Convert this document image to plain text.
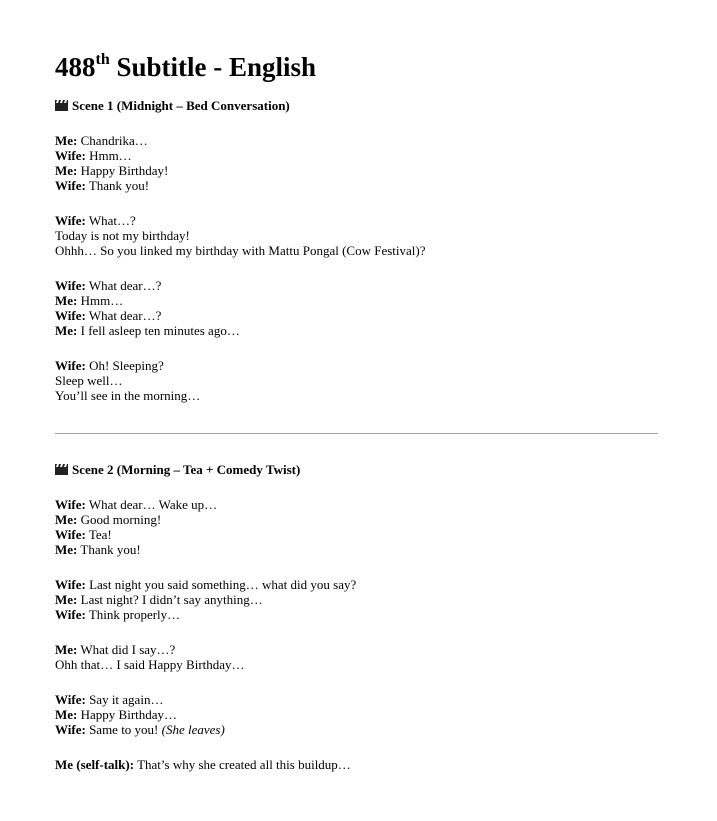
488th Subtitle - English
Scene 1 (Midnight – Bed Conversation)
Me: Chandrika…
Wife: Hmm…
Me: Happy Birthday!
Wife: Thank you!
Wife: What…?
Today is not my birthday!
Ohhh… So you linked my birthday with Mattu Pongal (Cow Festival)?
Wife: What dear…?
Me: Hmm…
Wife: What dear…?
Me: I fell asleep ten minutes ago…
Wife: Oh! Sleeping?
Sleep well…
You’ll see in the morning…
Scene 2 (Morning – Tea + Comedy Twist)
Wife: What dear… Wake up…
Me: Good morning!
Wife: Tea!
Me: Thank you!
Wife: Last night you said something… what did you say?
Me: Last night? I didn’t say anything…
Wife: Think properly…
Me: What did I say…?
Ohh that… I said Happy Birthday…
Wife: Say it again…
Me: Happy Birthday…
Wife: Same to you! (She leaves)
Me (self-talk): That’s why she created all this buildup…
